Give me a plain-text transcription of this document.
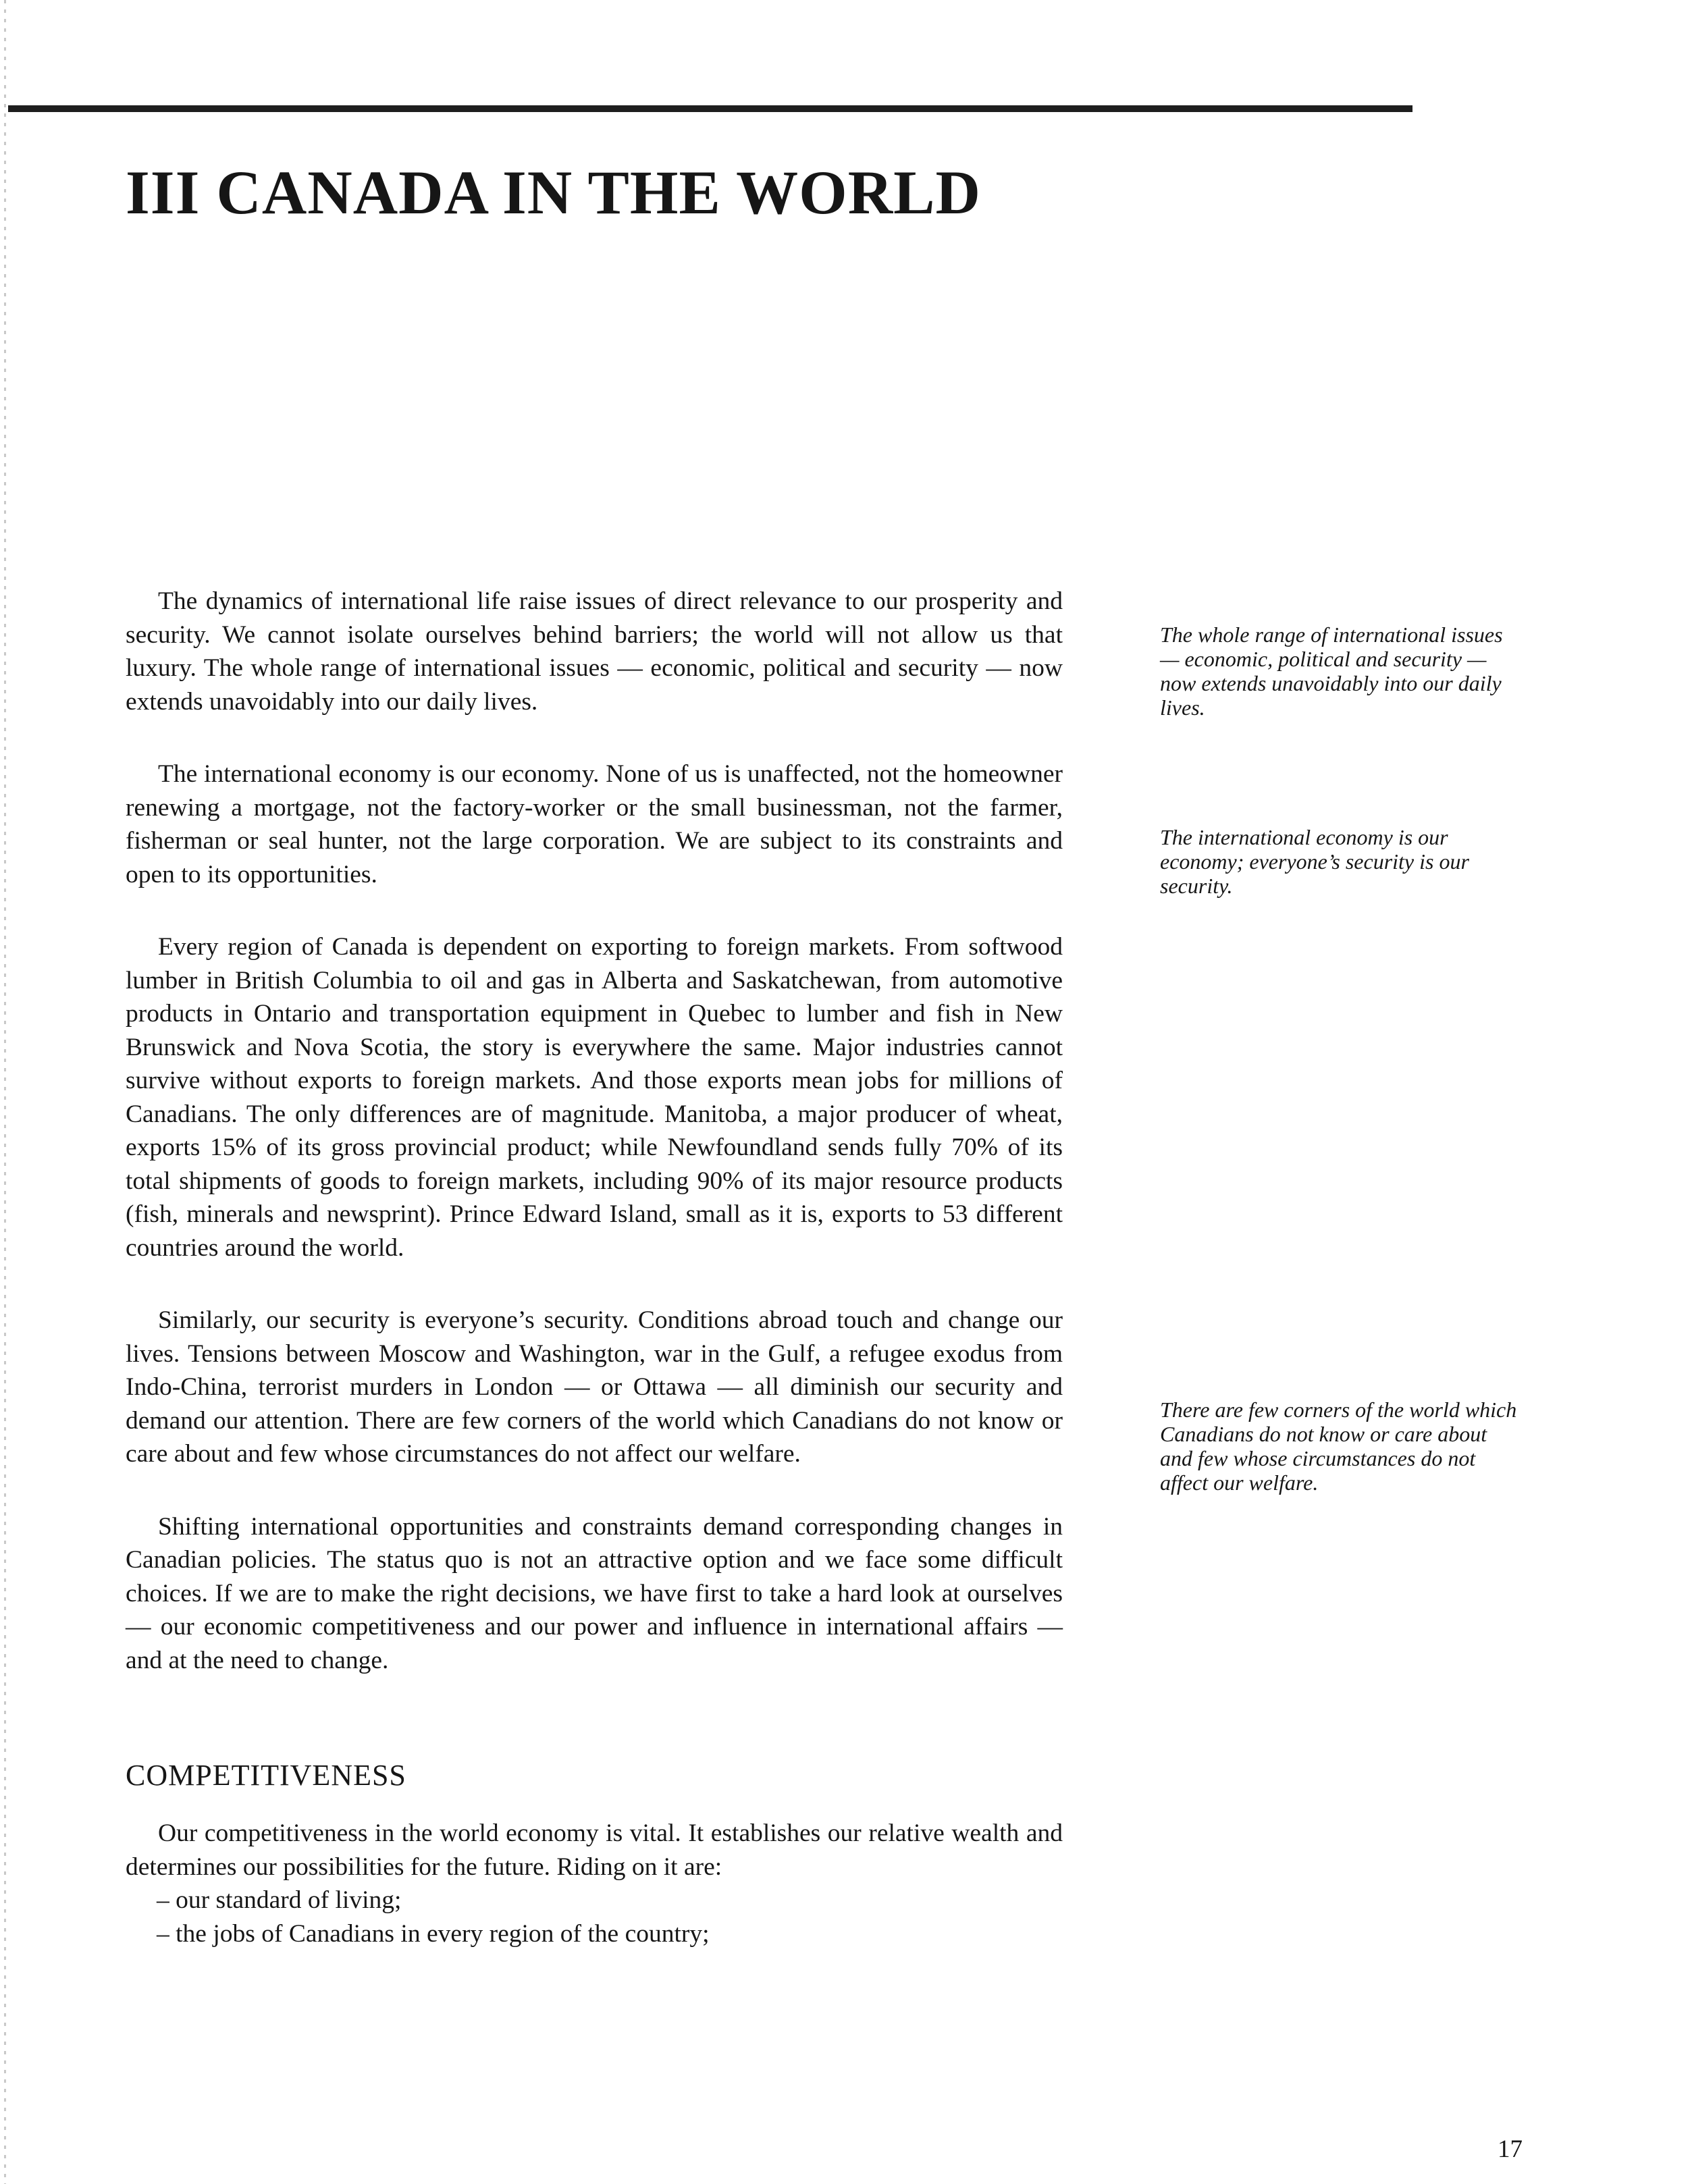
III CANADA IN THE WORLD

The dynamics of international life raise issues of direct relevance to our prosperity and security. We cannot isolate ourselves behind barriers; the world will not allow us that luxury. The whole range of international issues — economic, political and security — now extends unavoidably into our daily lives.

The international economy is our economy. None of us is unaffected, not the homeowner renewing a mortgage, not the factory-worker or the small businessman, not the farmer, fisherman or seal hunter, not the large corporation. We are subject to its constraints and open to its opportunities.

Every region of Canada is dependent on exporting to foreign markets. From softwood lumber in British Columbia to oil and gas in Alberta and Saskatchewan, from automotive products in Ontario and transportation equipment in Quebec to lumber and fish in New Brunswick and Nova Scotia, the story is everywhere the same. Major industries cannot survive without exports to foreign markets. And those exports mean jobs for millions of Canadians. The only differences are of magnitude. Manitoba, a major producer of wheat, exports 15% of its gross provincial product; while Newfoundland sends fully 70% of its total shipments of goods to foreign markets, including 90% of its major resource products (fish, minerals and newsprint). Prince Edward Island, small as it is, exports to 53 different countries around the world.

Similarly, our security is everyone’s security. Conditions abroad touch and change our lives. Tensions between Moscow and Washington, war in the Gulf, a refugee exodus from Indo-China, terrorist murders in London — or Ottawa — all diminish our security and demand our attention. There are few corners of the world which Canadians do not know or care about and few whose circumstances do not affect our welfare.

Shifting international opportunities and constraints demand corresponding changes in Canadian policies. The status quo is not an attractive option and we face some difficult choices. If we are to make the right decisions, we have first to take a hard look at ourselves — our economic competitiveness and our power and influence in international affairs — and at the need to change.

COMPETITIVENESS

Our competitiveness in the world economy is vital. It establishes our relative wealth and determines our possibilities for the future. Riding on it are:

– our standard of living;
– the jobs of Canadians in every region of the country;

The whole range of international issues — economic, political and security — now extends unavoidably into our daily lives.

The international economy is our economy; everyone’s security is our security.

There are few corners of the world which Canadians do not know or care about and few whose circumstances do not affect our welfare.

17
